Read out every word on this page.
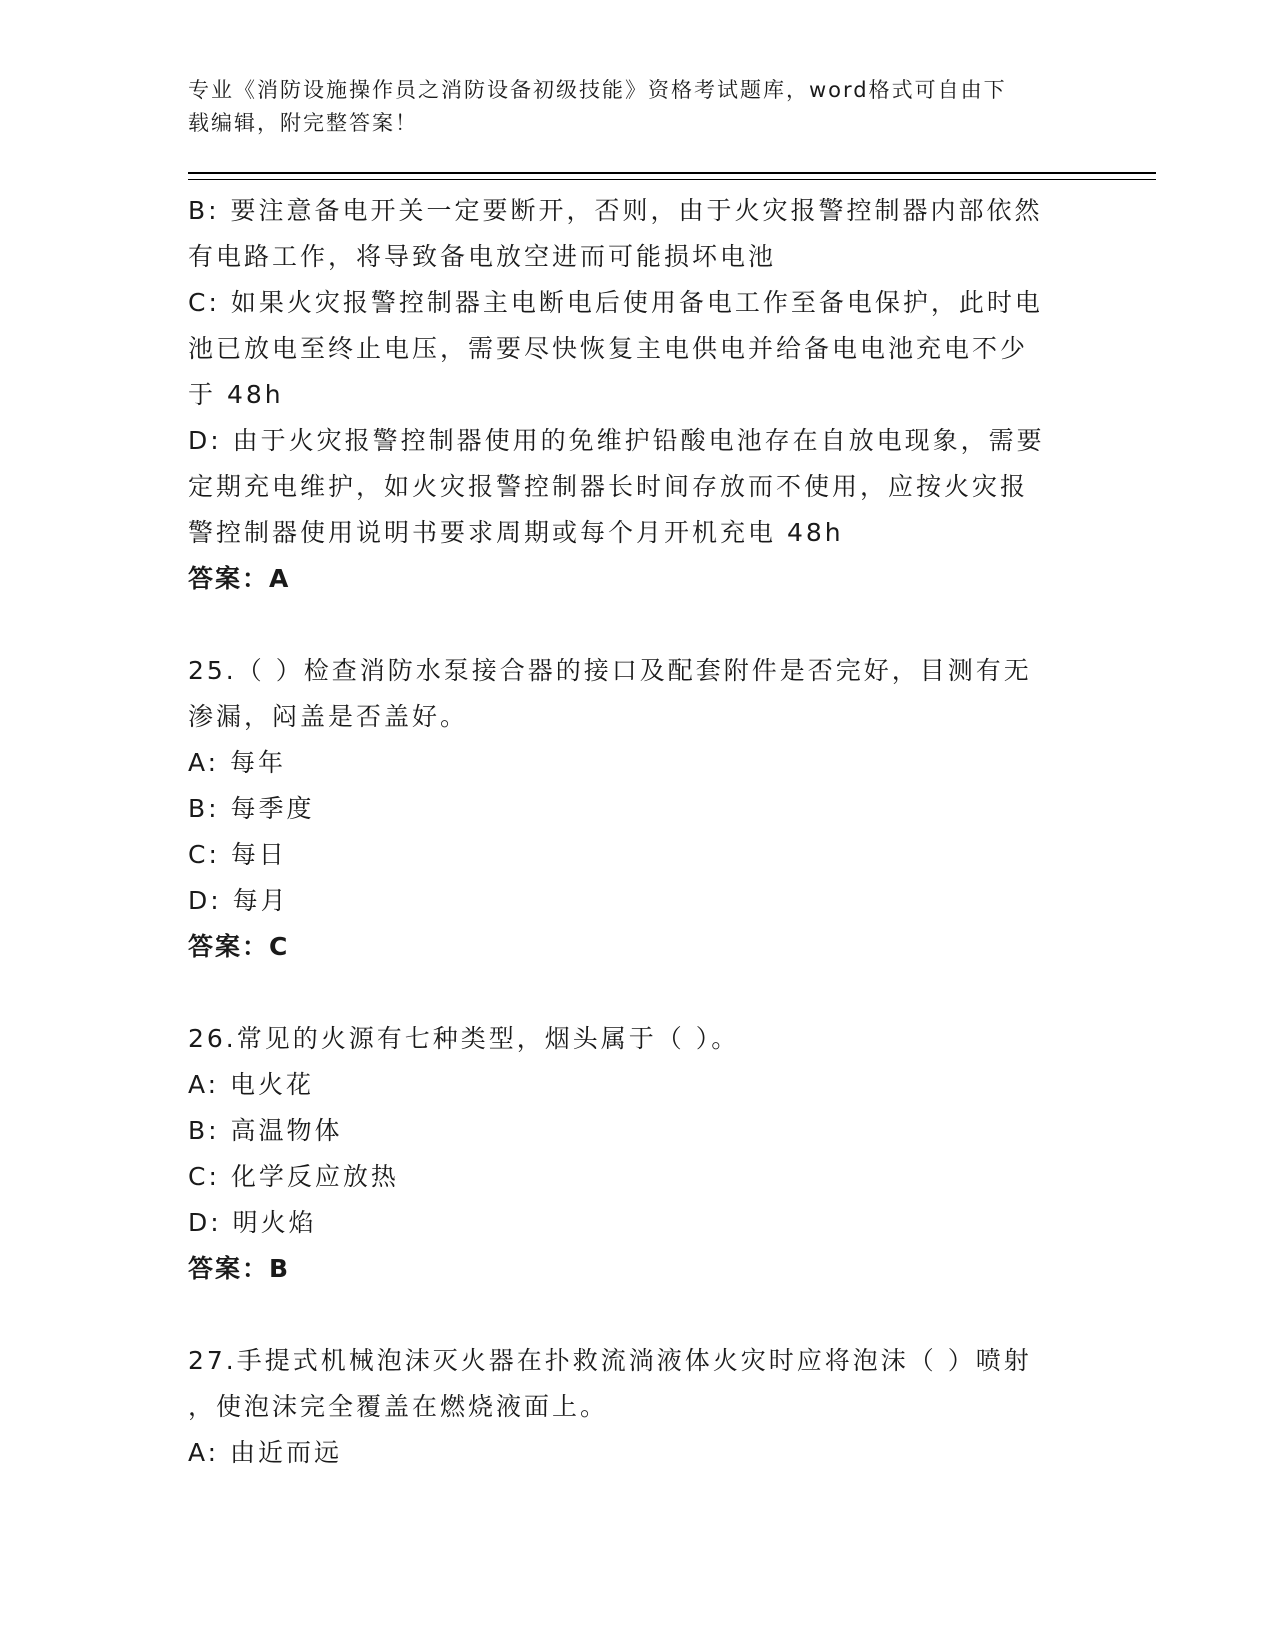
专业《消防设施操作员之消防设备初级技能》资格考试题库，word格式可自由下
载编辑，附完整答案！
B: 要注意备电开关一定要断开，否则，由于火灾报警控制器内部依然
有电路工作，将导致备电放空进而可能损坏电池
C: 如果火灾报警控制器主电断电后使用备电工作至备电保护，此时电
池已放电至终止电压，需要尽快恢复主电供电并给备电电池充电不少
于 48h
D: 由于火灾报警控制器使用的免维护铅酸电池存在自放电现象，需要
定期充电维护，如火灾报警控制器长时间存放而不使用，应按火灾报
警控制器使用说明书要求周期或每个月开机充电 48h
答案：A
25.（ ）检查消防水泵接合器的接口及配套附件是否完好，目测有无
渗漏，闷盖是否盖好。
A: 每年
B: 每季度
C: 每日
D: 每月
答案：C
26.常见的火源有七种类型，烟头属于（ ）。
A: 电火花
B: 高温物体
C: 化学反应放热
D: 明火焰
答案：B
27.手提式机械泡沫灭火器在扑救流淌液体火灾时应将泡沫（ ）喷射
，使泡沫完全覆盖在燃烧液面上。
A: 由近而远
